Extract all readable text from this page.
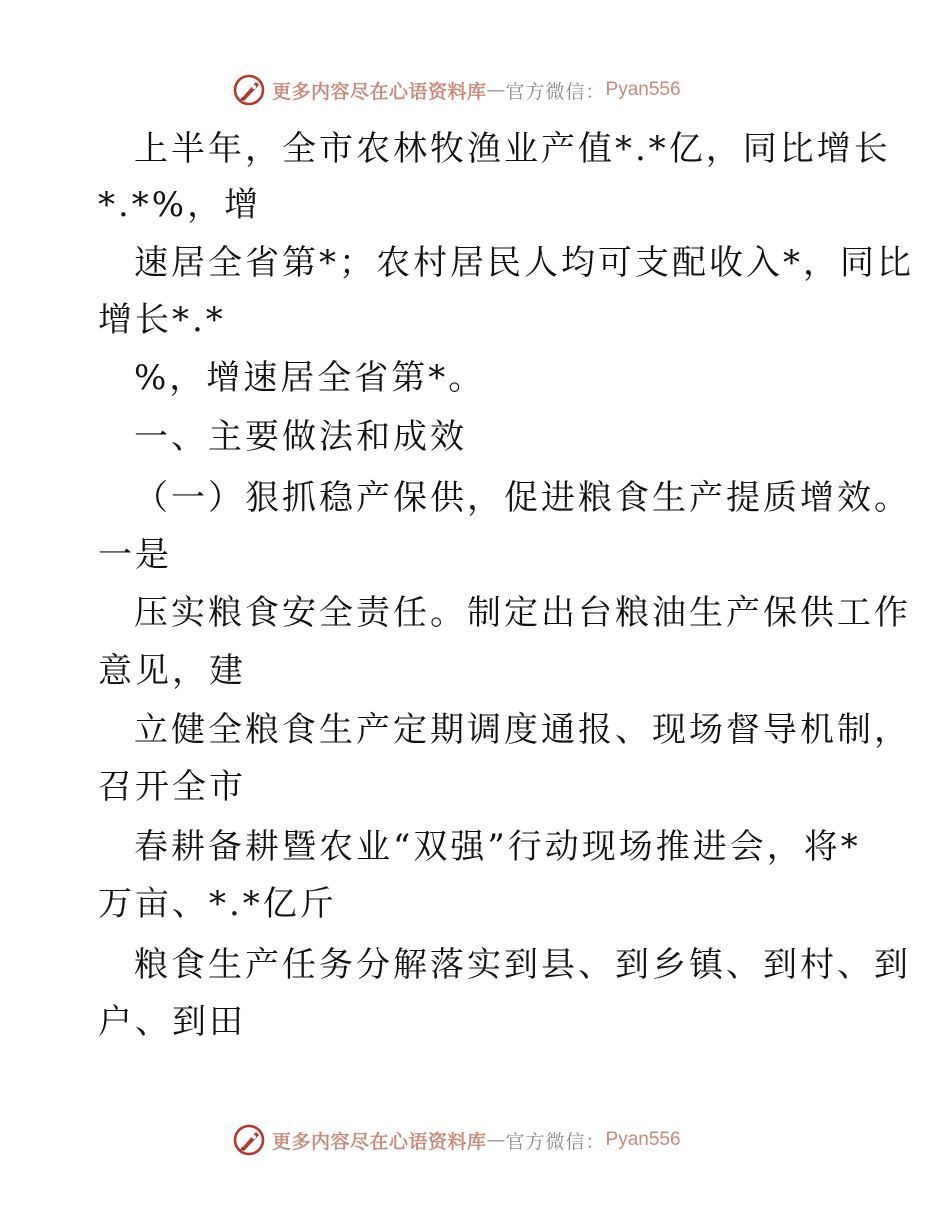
更多内容尽在心语资料库 — 官方微信： Pyan556
上半年，全市农林牧渔业产值*.*亿，同比增长
*.*%，增
速居全省第*；农村居民人均可支配收入*，同比
增长*.*
%，增速居全省第*。
一、主要做法和成效
（一）狠抓稳产保供，促进粮食生产提质增效。
一是
压实粮食安全责任。制定出台粮油生产保供工作
意见，建
立健全粮食生产定期调度通报、现场督导机制，
召开全市
春耕备耕暨农业“双强”行动现场推进会，将*
万亩、*.*亿斤
粮食生产任务分解落实到县、到乡镇、到村、到
户、到田
更多内容尽在心语资料库 — 官方微信： Pyan556
